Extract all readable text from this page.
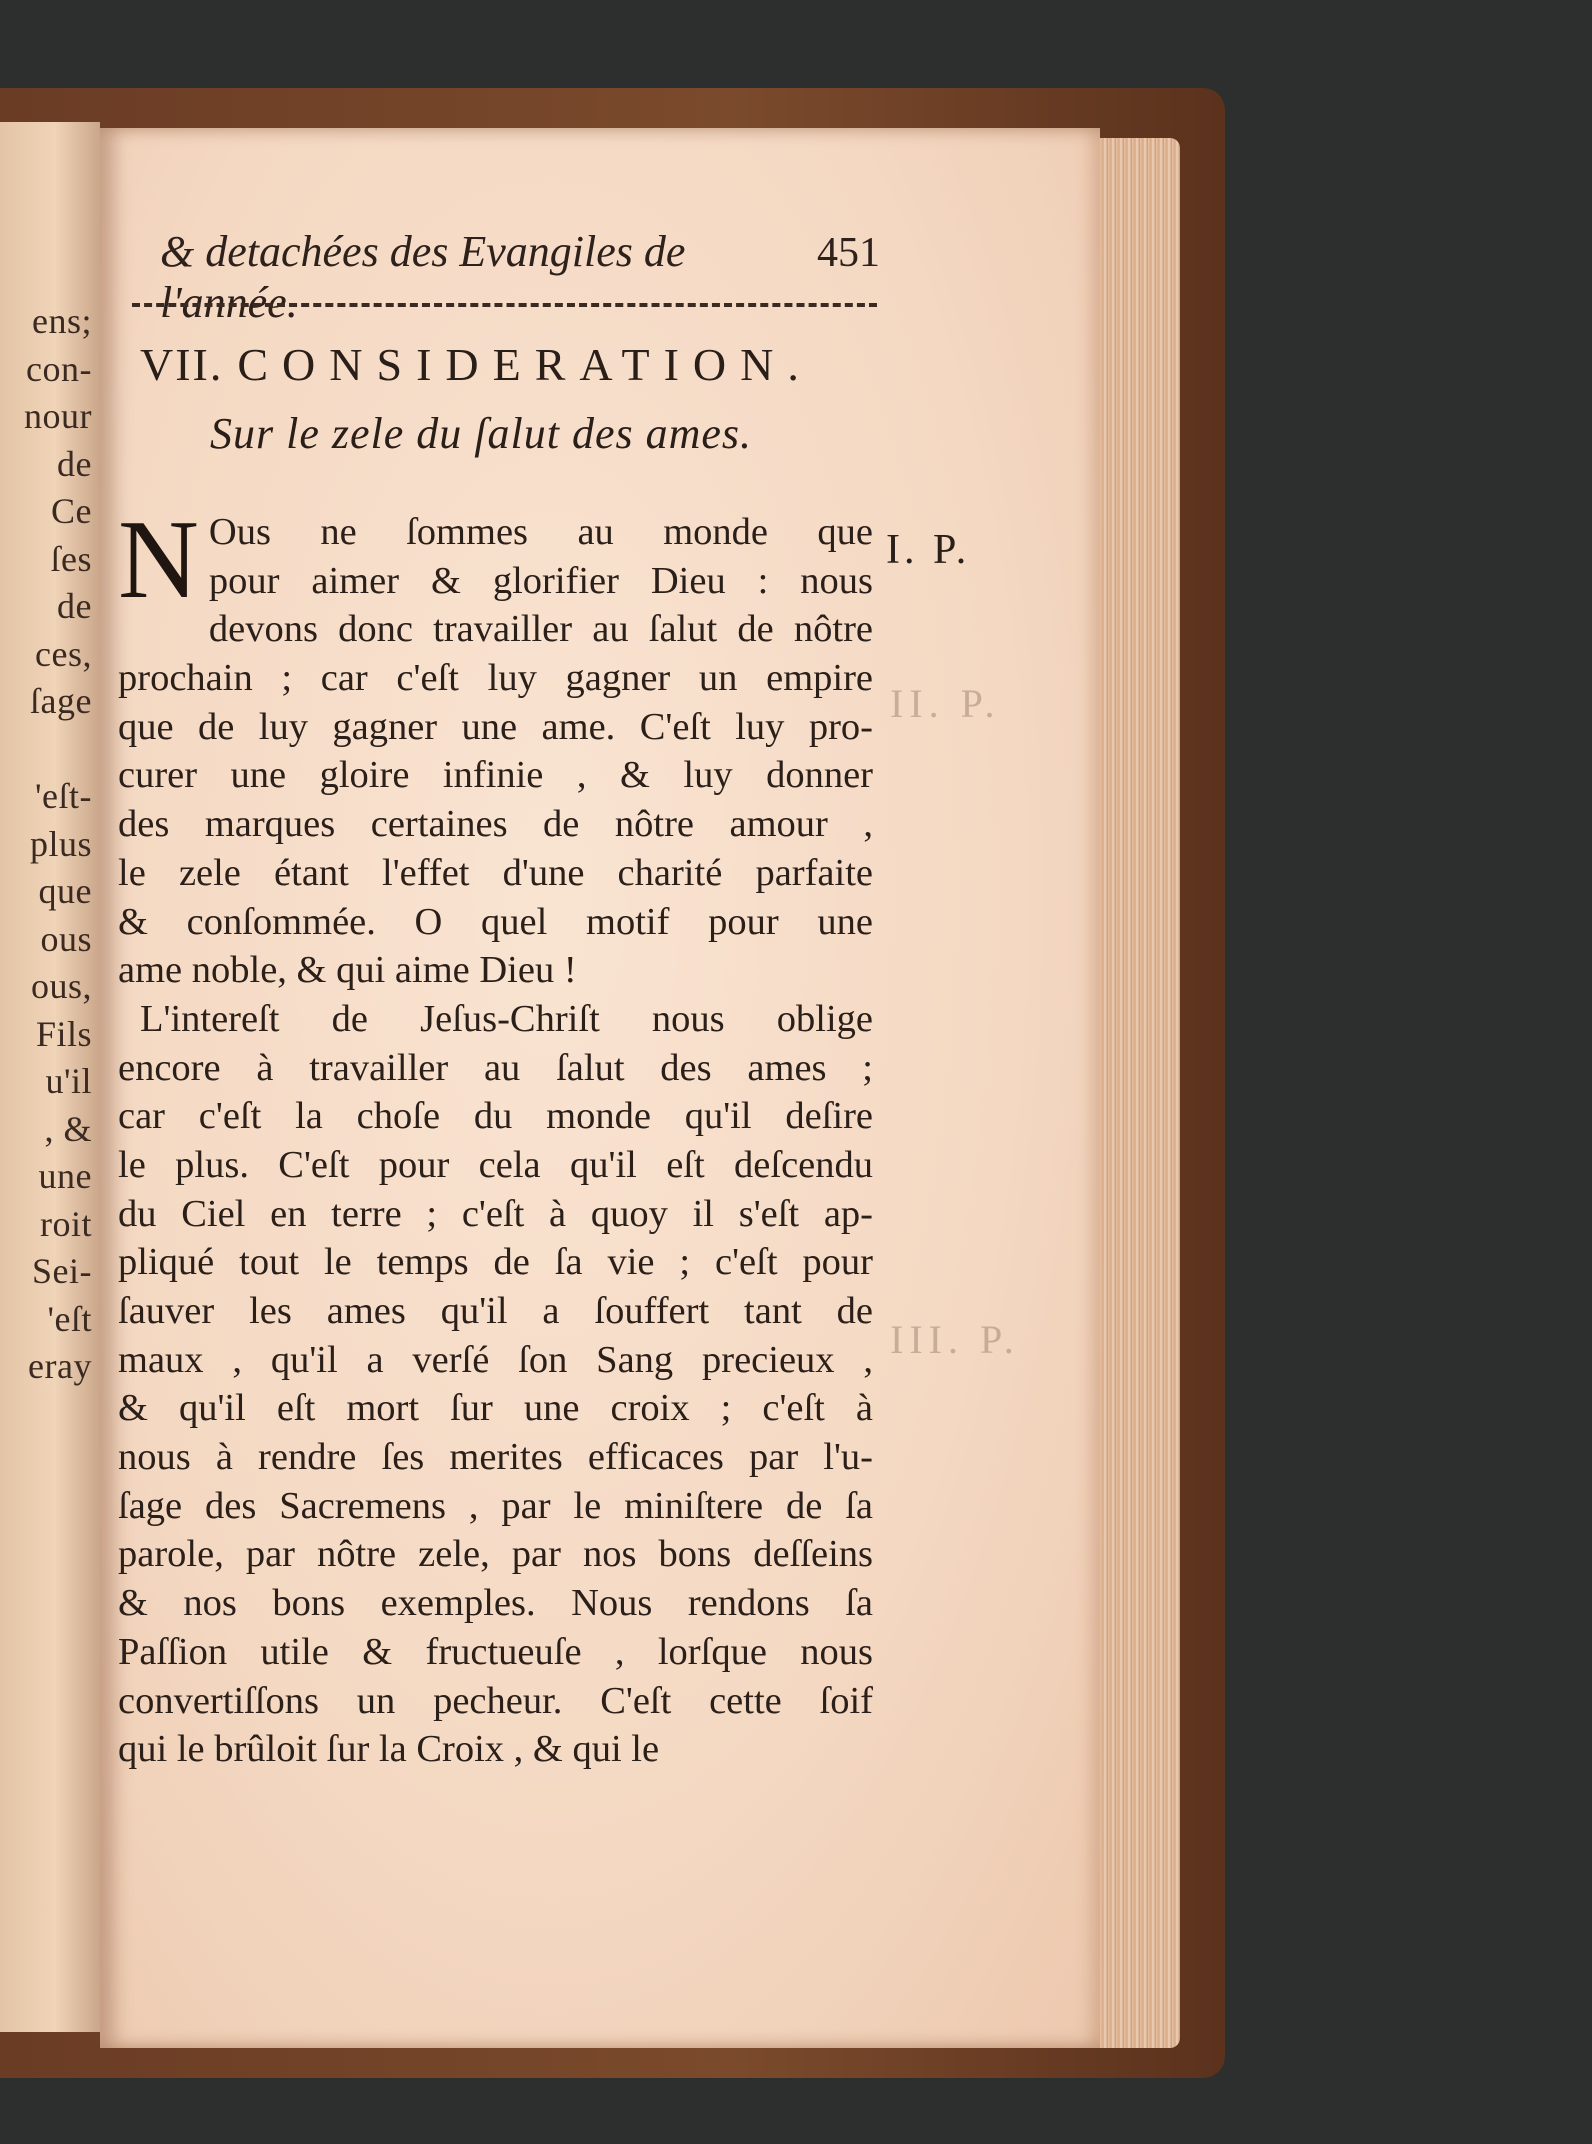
ens;
con-
nour
de
Ce
ſes
de
ces,
ſage
'eſt-
plus
que
ous
ous,
Fils
u'il
, &
une
roit
Sei-
'eſt
eray
& detachées des Evangiles de l'année.
451
VII. CONSIDERATION.
Sur le zele du ſalut des ames.
I. P.
II. P.
III. P.
N Ous ne ſommes au monde que
pour aimer & glorifier Dieu : nous
devons donc travailler au ſalut de nôtre
prochain ; car c'eſt luy gagner un empire
que de luy gagner une ame. C'eſt luy pro-
curer une gloire infinie , & luy donner
des marques certaines de nôtre amour ,
le zele étant l'effet d'une charité parfaite
& conſommée. O quel motif pour une
ame noble, & qui aime Dieu !
L'intereſt de Jeſus-Chriſt nous oblige
encore à travailler au ſalut des ames ;
car c'eſt la choſe du monde qu'il deſire
le plus. C'eſt pour cela qu'il eſt deſcendu
du Ciel en terre ; c'eſt à quoy il s'eſt ap-
pliqué tout le temps de ſa vie ; c'eſt pour
ſauver les ames qu'il a ſouffert tant de
maux , qu'il a verſé ſon Sang precieux ,
& qu'il eſt mort ſur une croix ; c'eſt à
nous à rendre ſes merites efficaces par l'u-
ſage des Sacremens , par le miniſtere de ſa
parole, par nôtre zele, par nos bons deſſeins
& nos bons exemples. Nous rendons ſa
Paſſion utile & fructueuſe , lorſque nous
convertiſſons un pecheur. C'eſt cette ſoif
qui le brûloit ſur la Croix , & qui le
